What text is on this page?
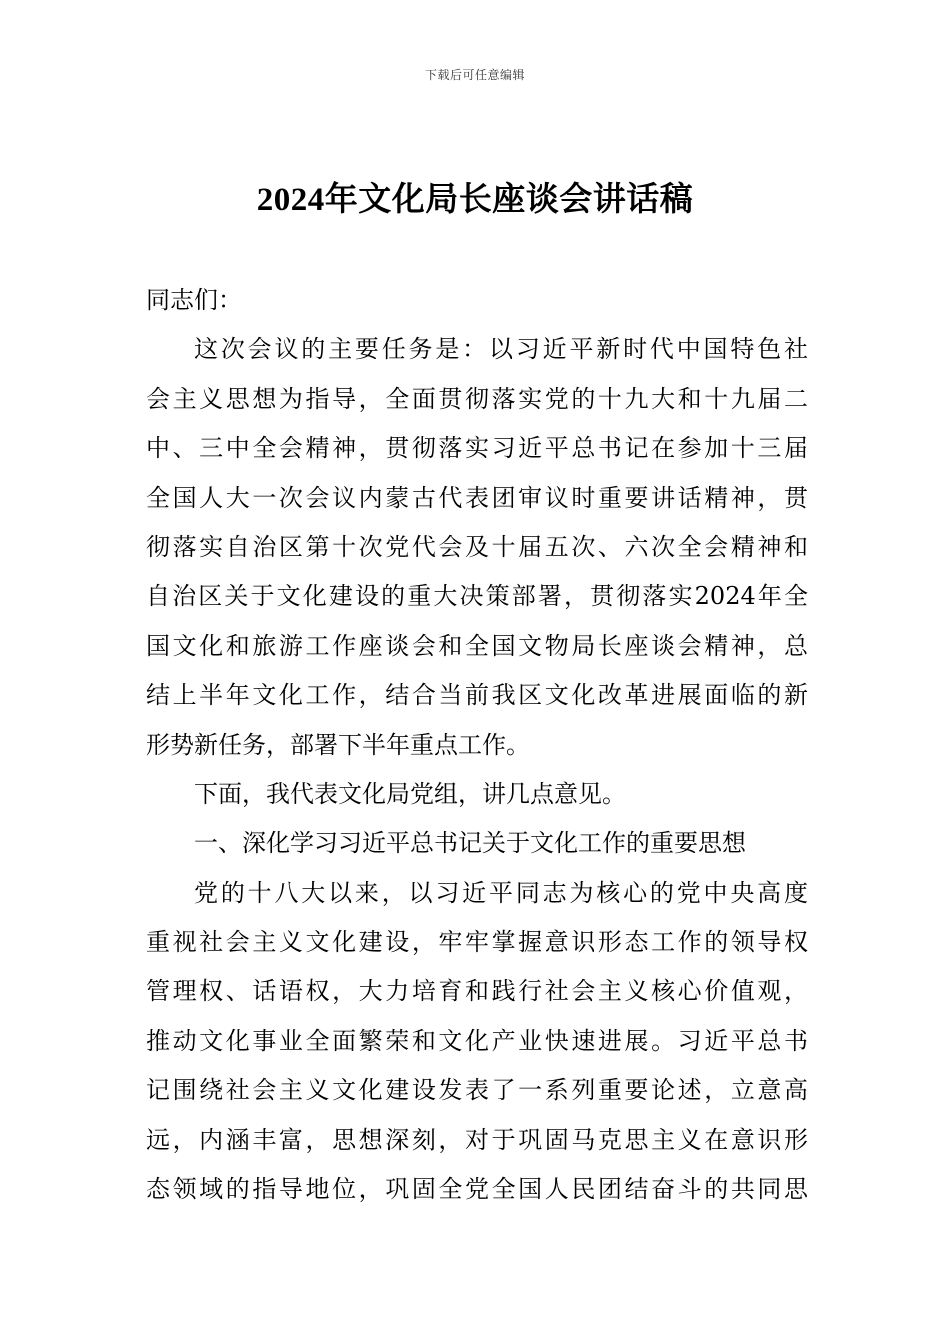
下载后可任意编辑
2024年文化局长座谈会讲话稿

同志们：

这次会议的主要任务是：以习近平新时代中国特色社
会主义思想为指导，全面贯彻落实党的十九大和十九届二
中、三中全会精神，贯彻落实习近平总书记在参加十三届
全国人大一次会议内蒙古代表团审议时重要讲话精神，贯
彻落实自治区第十次党代会及十届五次、六次全会精神和
自治区关于文化建设的重大决策部署，贯彻落实2024年全
国文化和旅游工作座谈会和全国文物局长座谈会精神，总
结上半年文化工作，结合当前我区文化改革进展面临的新
形势新任务，部署下半年重点工作。

下面，我代表文化局党组，讲几点意见。

一、深化学习习近平总书记关于文化工作的重要思想

党的十八大以来，以习近平同志为核心的党中央高度
重视社会主义文化建设，牢牢掌握意识形态工作的领导权
管理权、话语权，大力培育和践行社会主义核心价值观，
推动文化事业全面繁荣和文化产业快速进展。习近平总书
记围绕社会主义文化建设发表了一系列重要论述，立意高
远，内涵丰富，思想深刻，对于巩固马克思主义在意识形
态领域的指导地位，巩固全党全国人民团结奋斗的共同思
